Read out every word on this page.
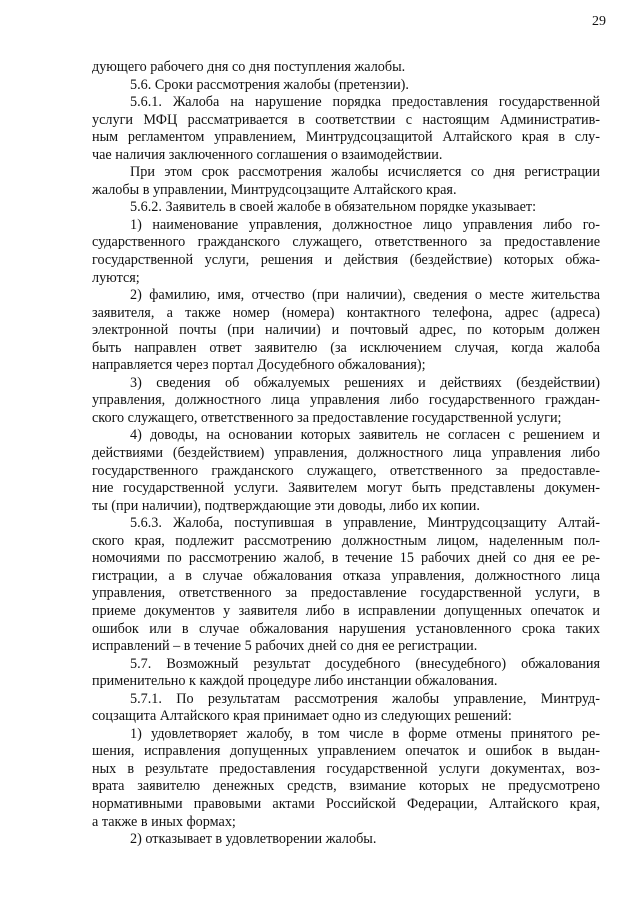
29
дующего рабочего дня со дня поступления жалобы.
5.6. Сроки рассмотрения жалобы (претензии).
5.6.1. Жалоба на нарушение порядка предоставления государственной
услуги МФЦ рассматривается в соответствии с настоящим Административ-
ным регламентом управлением, Минтрудсоцзащитой Алтайского края в слу-
чае наличия заключенного соглашения о взаимодействии.
При этом срок рассмотрения жалобы исчисляется со дня регистрации
жалобы в управлении, Минтрудсоцзащите Алтайского края.
5.6.2. Заявитель в своей жалобе в обязательном порядке указывает:
1) наименование управления, должностное лицо управления либо го-
сударственного гражданского служащего, ответственного за предоставление
государственной услуги, решения и действия (бездействие) которых обжа-
луются;
2) фамилию, имя, отчество (при наличии), сведения о месте жительства
заявителя, а также номер (номера) контактного телефона, адрес (адреса)
электронной почты (при наличии) и почтовый адрес, по которым должен
быть направлен ответ заявителю (за исключением случая, когда жалоба
направляется через портал Досудебного обжалования);
3) сведения об обжалуемых решениях и действиях (бездействии)
управления, должностного лица управления либо государственного граждан-
ского служащего, ответственного за предоставление государственной услуги;
4) доводы, на основании которых заявитель не согласен с решением и
действиями (бездействием) управления, должностного лица управления либо
государственного гражданского служащего, ответственного за предоставле-
ние государственной услуги. Заявителем могут быть представлены докумен-
ты (при наличии), подтверждающие эти доводы, либо их копии.
5.6.3. Жалоба, поступившая в управление, Минтрудсоцзащиту Алтай-
ского края, подлежит рассмотрению должностным лицом, наделенным пол-
номочиями по рассмотрению жалоб, в течение 15 рабочих дней со дня ее ре-
гистрации, а в случае обжалования отказа управления, должностного лица
управления, ответственного за предоставление государственной услуги, в
приеме документов у заявителя либо в исправлении допущенных опечаток и
ошибок или в случае обжалования нарушения установленного срока таких
исправлений – в течение 5 рабочих дней со дня ее регистрации.
5.7. Возможный результат досудебного (внесудебного) обжалования
применительно к каждой процедуре либо инстанции обжалования.
5.7.1. По результатам рассмотрения жалобы управление, Минтруд-
соцзащита Алтайского края принимает одно из следующих решений:
1) удовлетворяет жалобу, в том числе в форме отмены принятого ре-
шения, исправления допущенных управлением опечаток и ошибок в выдан-
ных в результате предоставления государственной услуги документах, воз-
врата заявителю денежных средств, взимание которых не предусмотрено
нормативными правовыми актами Российской Федерации, Алтайского края,
а также в иных формах;
2) отказывает в удовлетворении жалобы.
